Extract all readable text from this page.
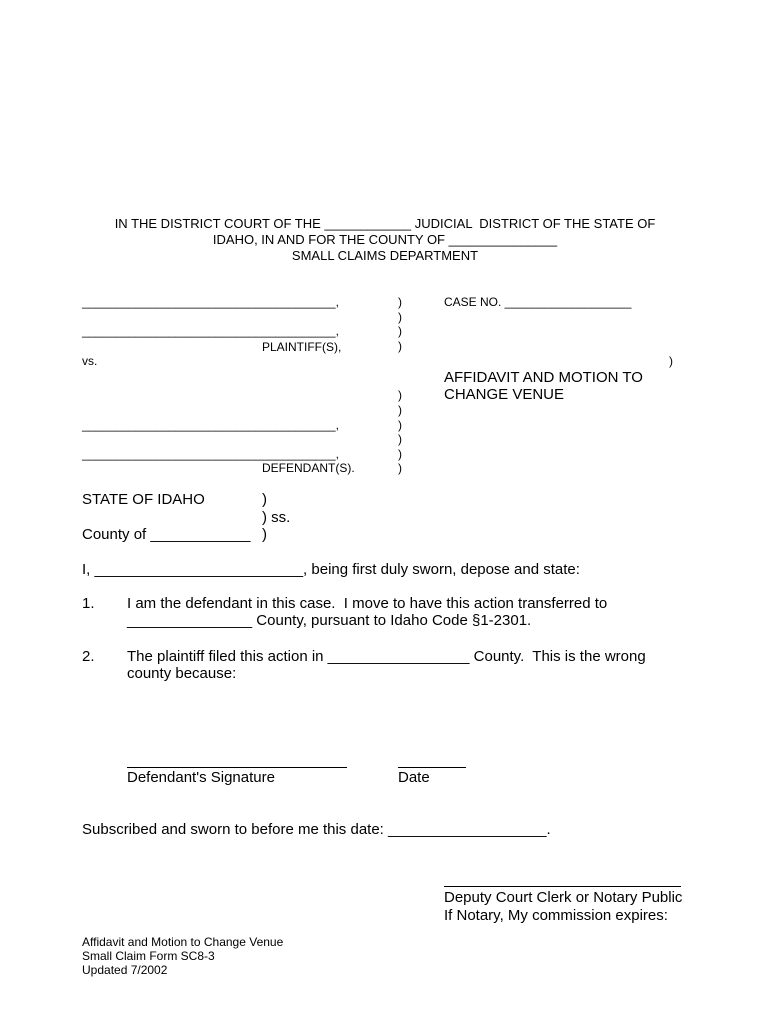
IN THE DISTRICT COURT OF THE ____________ JUDICIAL  DISTRICT OF THE STATE OF
IDAHO, IN AND FOR THE COUNTY OF _______________
SMALL CLAIMS DEPARTMENT
______________________________________,
______________________________________,
PLAINTIFF(S),
vs.
______________________________________,
______________________________________,
DEFENDANT(S).
)
)
)
)
)
)
)
)
)
)
)
CASE NO. ___________________
AFFIDAVIT AND MOTION TO
CHANGE VENUE
STATE OF IDAHO	)
) ss.
County of ____________ )
I, _________________________, being first duly sworn, depose and state:
1. I am the defendant in this case.  I move to have this action transferred to
_______________ County, pursuant to Idaho Code §1-2301.
2. The plaintiff filed this action in _________________ County.  This is the wrong
county because:
Defendant's Signature	Date
Subscribed and sworn to before me this date: ___________________.
Deputy Court Clerk or Notary Public
If Notary, My commission expires:
Affidavit and Motion to Change Venue
Small Claim Form SC8-3
Updated 7/2002
